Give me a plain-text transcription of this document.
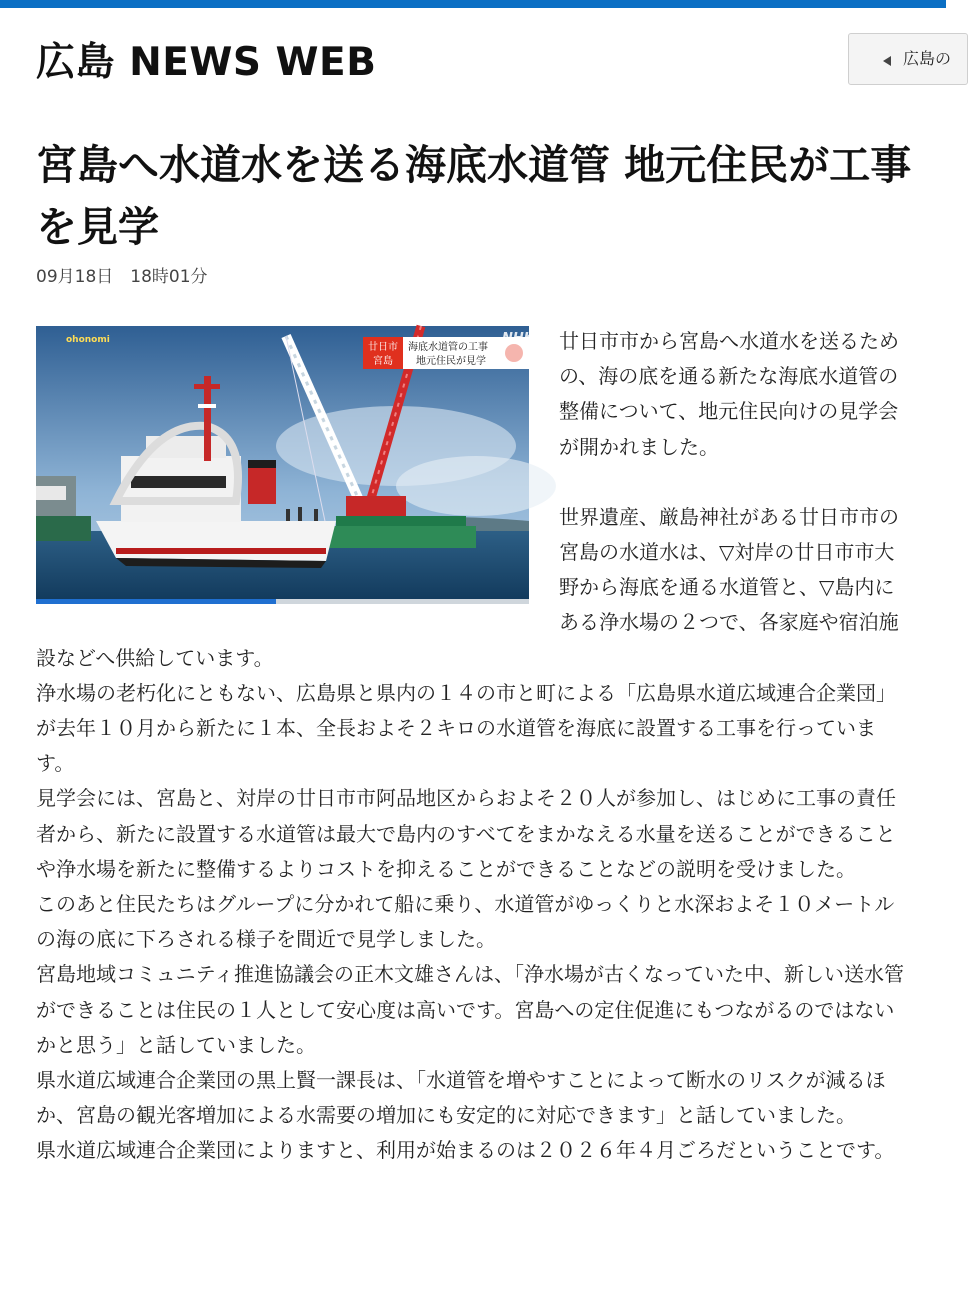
広島 NEWS WEB	広島の
宮島へ水道水を送る海底水道管 地元住民が工事を見学
09月18日　18時01分
ohonomi
廿日市
宮島
海底水道管の工事
地元住民が見学
NHK	廿日市市から宮島へ水道水を送るための、海の底を通る新たな海底水道管の整備について、地元住民向けの見学会が開かれました。

世界遺産、厳島神社がある廿日市市の宮島の水道水は、▽対岸の廿日市市大野から海底を通る水道管と、▽島内にある浄水場の２つで、各家庭や宿泊施設などへ供給しています。

浄水場の老朽化にともない、広島県と県内の１４の市と町による「広島県水道広域連合企業団」が去年１０月から新たに１本、全長およそ２キロの水道管を海底に設置する工事を行っています。

見学会には、宮島と、対岸の廿日市市阿品地区からおよそ２０人が参加し、はじめに工事の責任者から、新たに設置する水道管は最大で島内のすべてをまかなえる水量を送ることができることや浄水場を新たに整備するよりコストを抑えることができることなどの説明を受けました。

このあと住民たちはグループに分かれて船に乗り、水道管がゆっくりと水深およそ１０メートルの海の底に下ろされる様子を間近で見学しました。

宮島地域コミュニティ推進協議会の正木文雄さんは、「浄水場が古くなっていた中、新しい送水管ができることは住民の１人として安心度は高いです。宮島への定住促進にもつながるのではないかと思う」と話していました。

県水道広域連合企業団の黒上賢一課長は、「水道管を増やすことによって断水のリスクが減るほか、宮島の観光客増加による水需要の増加にも安定的に対応できます」と話していました。

県水道広域連合企業団によりますと、利用が始まるのは２０２６年４月ごろだということです。
